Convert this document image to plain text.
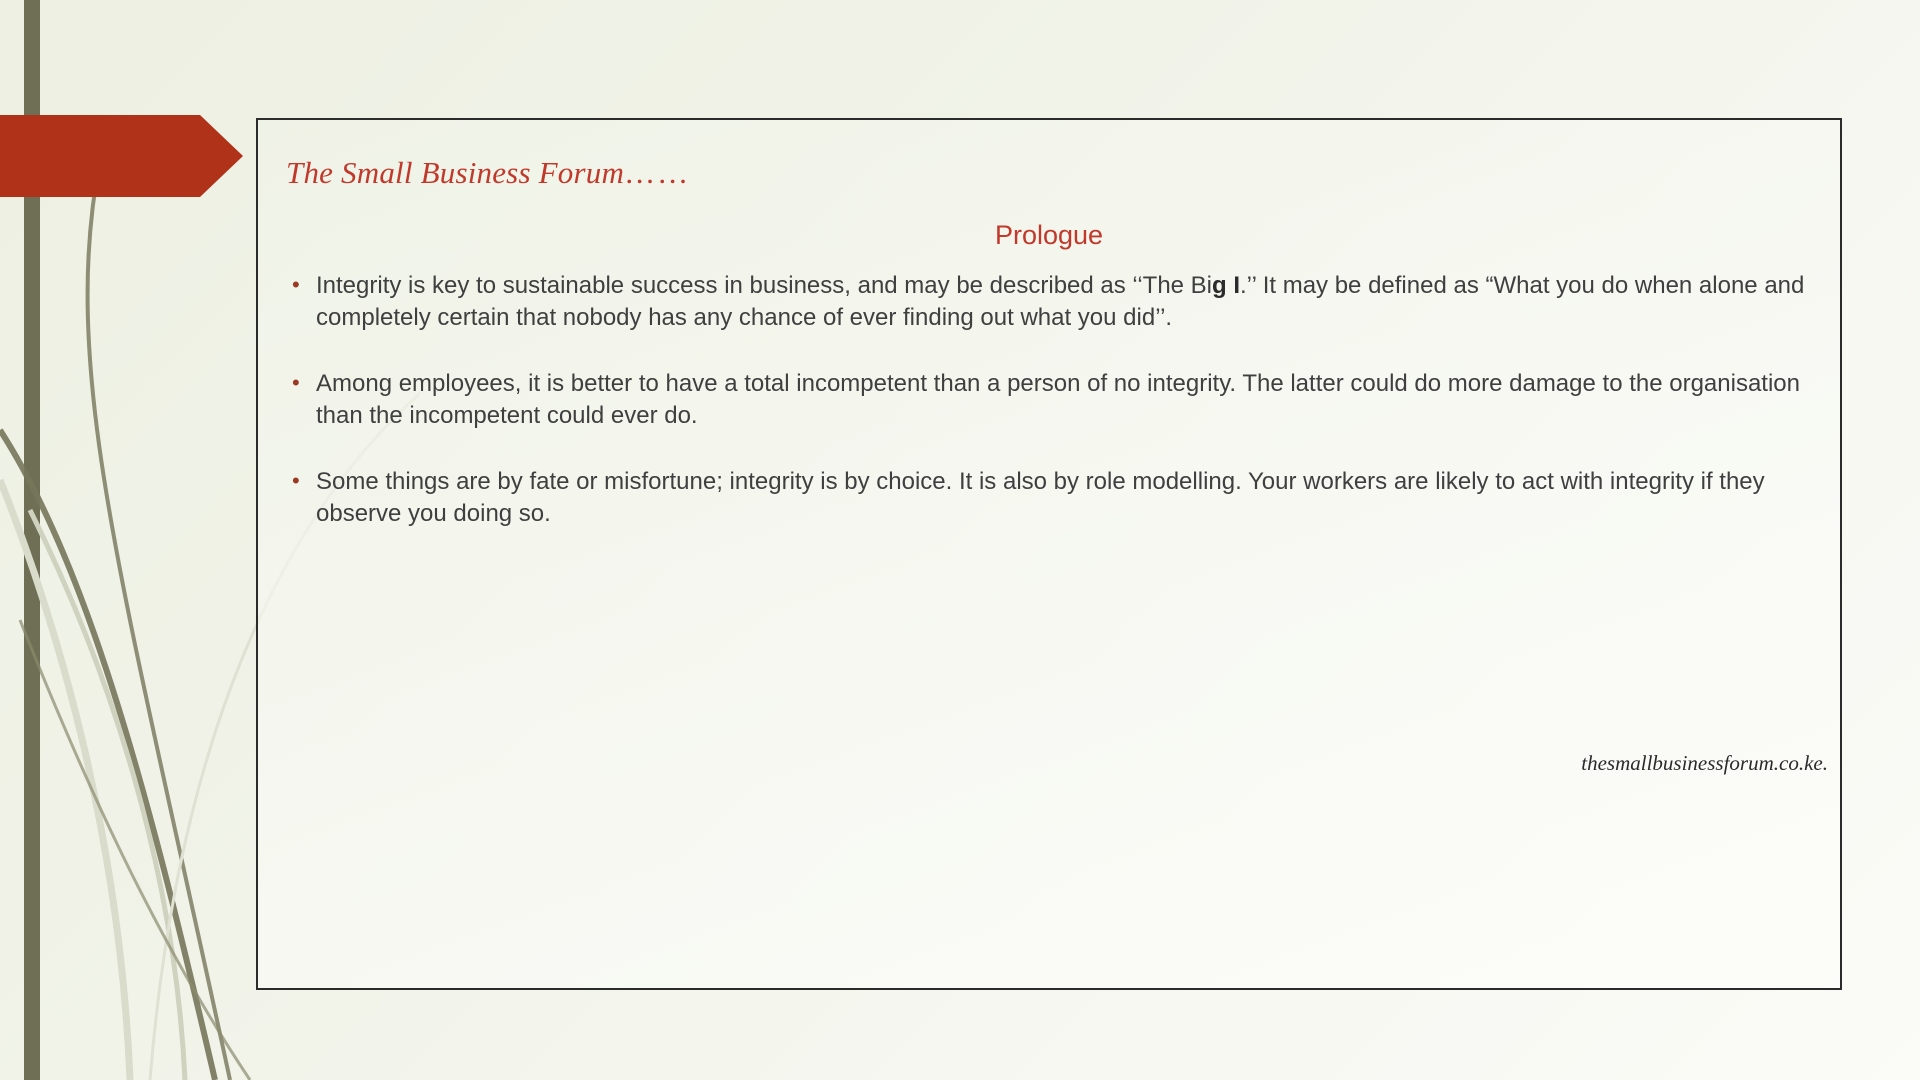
The Small Business Forum……
Prologue
• Integrity is key to sustainable success in business, and may be described as ‘‘The Big I.’’ It may be defined as “What you do when alone and completely certain that nobody has any chance of ever finding out what you did’’.
• Among employees, it is better to have a total incompetent than a person of no integrity. The latter could do more damage to the organisation than the incompetent could ever do.
• Some things are by fate or misfortune; integrity is by choice. It is also by role modelling. Your workers are likely to act with integrity if they observe you doing so.
thesmallbusinessforum.co.ke.
